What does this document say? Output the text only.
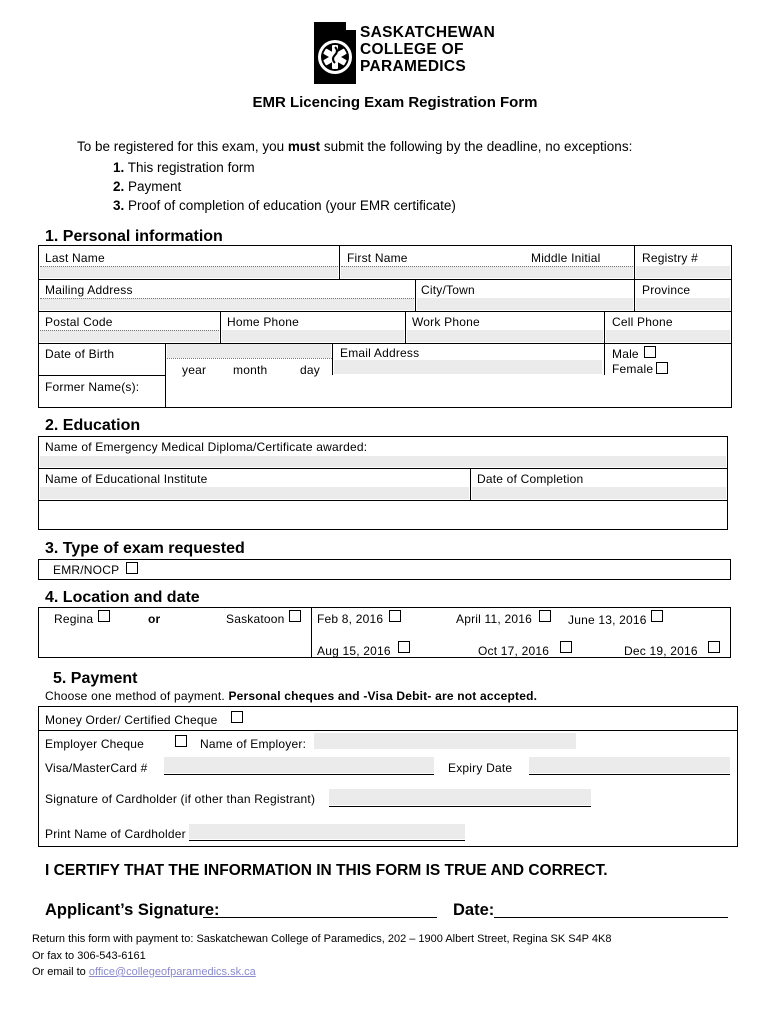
SASKATCHEWAN
COLLEGE OF
PARAMEDICS
EMR Licencing Exam Registration Form
To be registered for this exam, you must submit the following by the deadline, no exceptions:
1. This registration form
2. Payment
3. Proof of completion of education (your EMR certificate)
1. Personal information
Last Name	First Name	Middle Initial	Registry #
Mailing Address	City/Town	Province
Postal Code	Home Phone	Work Phone	Cell Phone
Date of Birth
year month	day
Email Address	Male
Female
Former Name(s):
2. Education
Name of Emergency Medical Diploma/Certificate awarded:
Name of Educational Institute	Date of Completion
3. Type of exam requested
EMR/NOCP
4. Location and date
Regina	or	Saskatoon	Feb 8, 2016	April 11, 2016	June 13, 2016
Aug 15, 2016	Oct 17, 2016	Dec 19, 2016
5. Payment
Choose one method of payment. Personal cheques and -Visa Debit- are not accepted.
Money Order/ Certified Cheque
Employer Cheque	Name of Employer:
Visa/MasterCard #	Expiry Date
Signature of Cardholder (if other than Registrant)
Print Name of Cardholder
I CERTIFY THAT THE INFORMATION IN THIS FORM IS TRUE AND CORRECT.
Applicant’s Signature:	Date:
Return this form with payment to: Saskatchewan College of Paramedics, 202 – 1900 Albert Street, Regina SK S4P 4K8
Or fax to 306-543-6161
Or email to office@collegeofparamedics.sk.ca
